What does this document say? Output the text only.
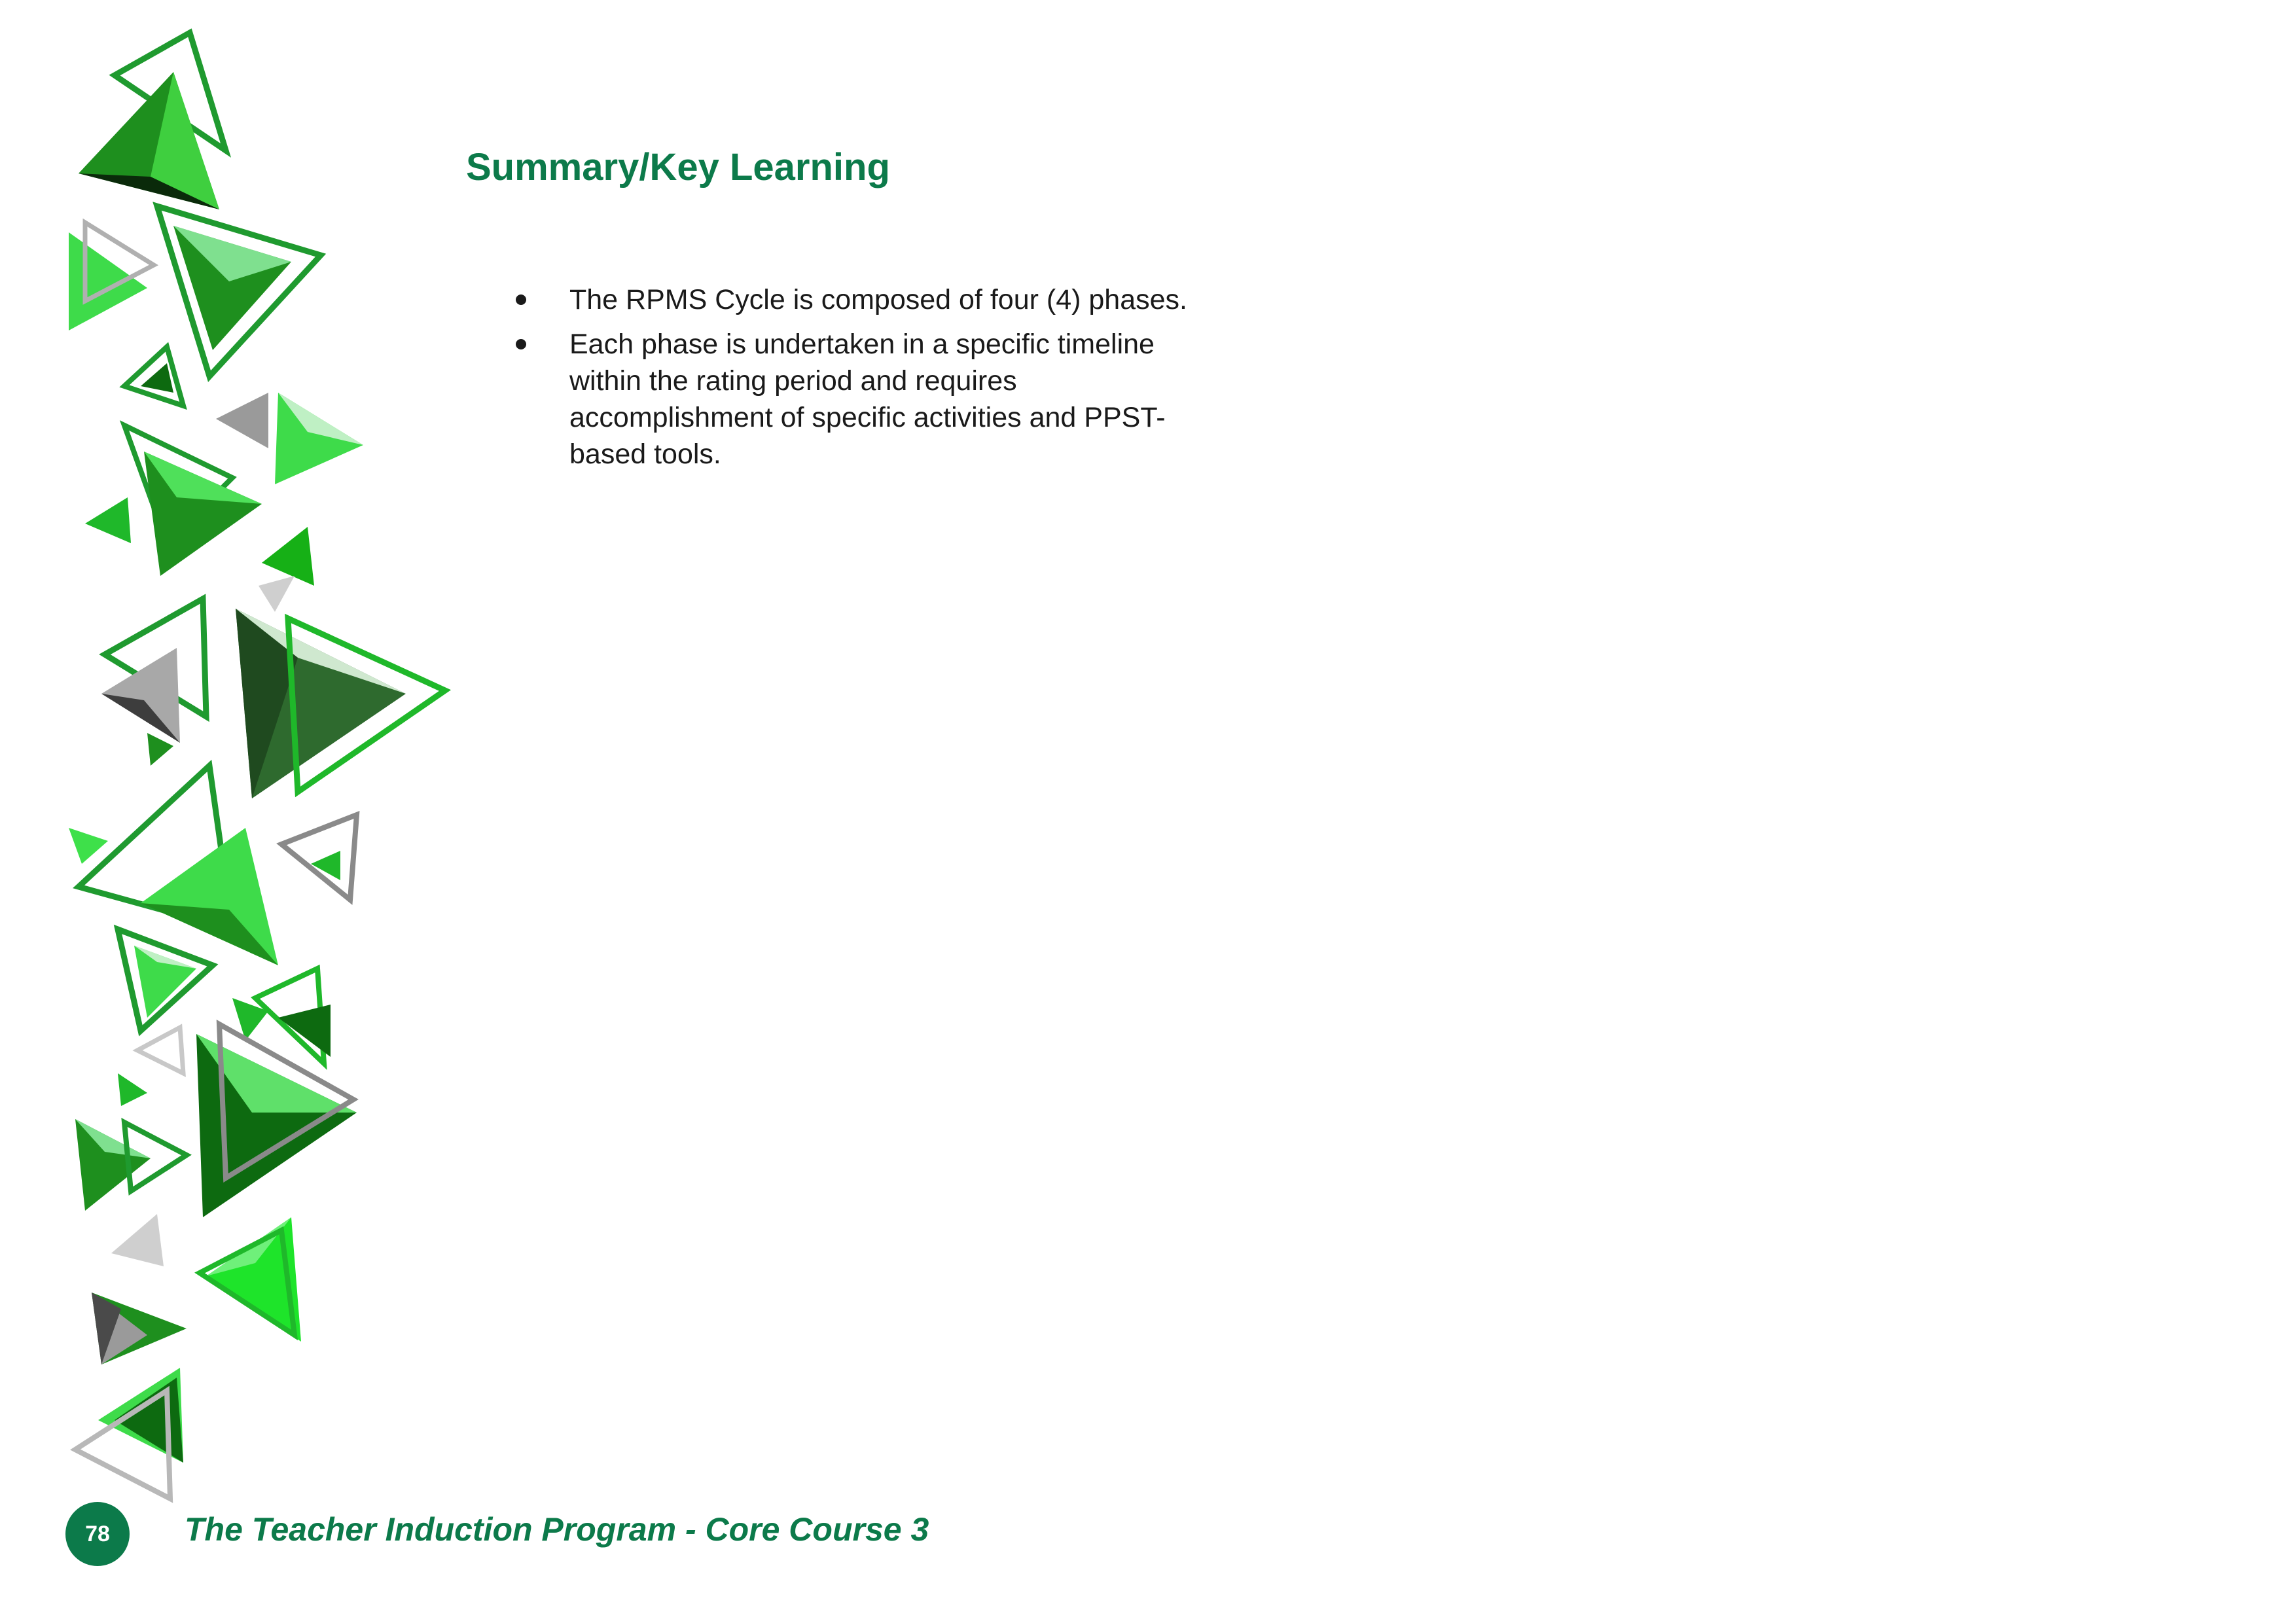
Summary/Key Learning
The RPMS Cycle is composed of four (4) phases.
Each phase is undertaken in a specific timeline within the rating period and requires accomplishment of specific activities and PPST-based tools.
78	The Teacher Induction Program - Core Course 3
